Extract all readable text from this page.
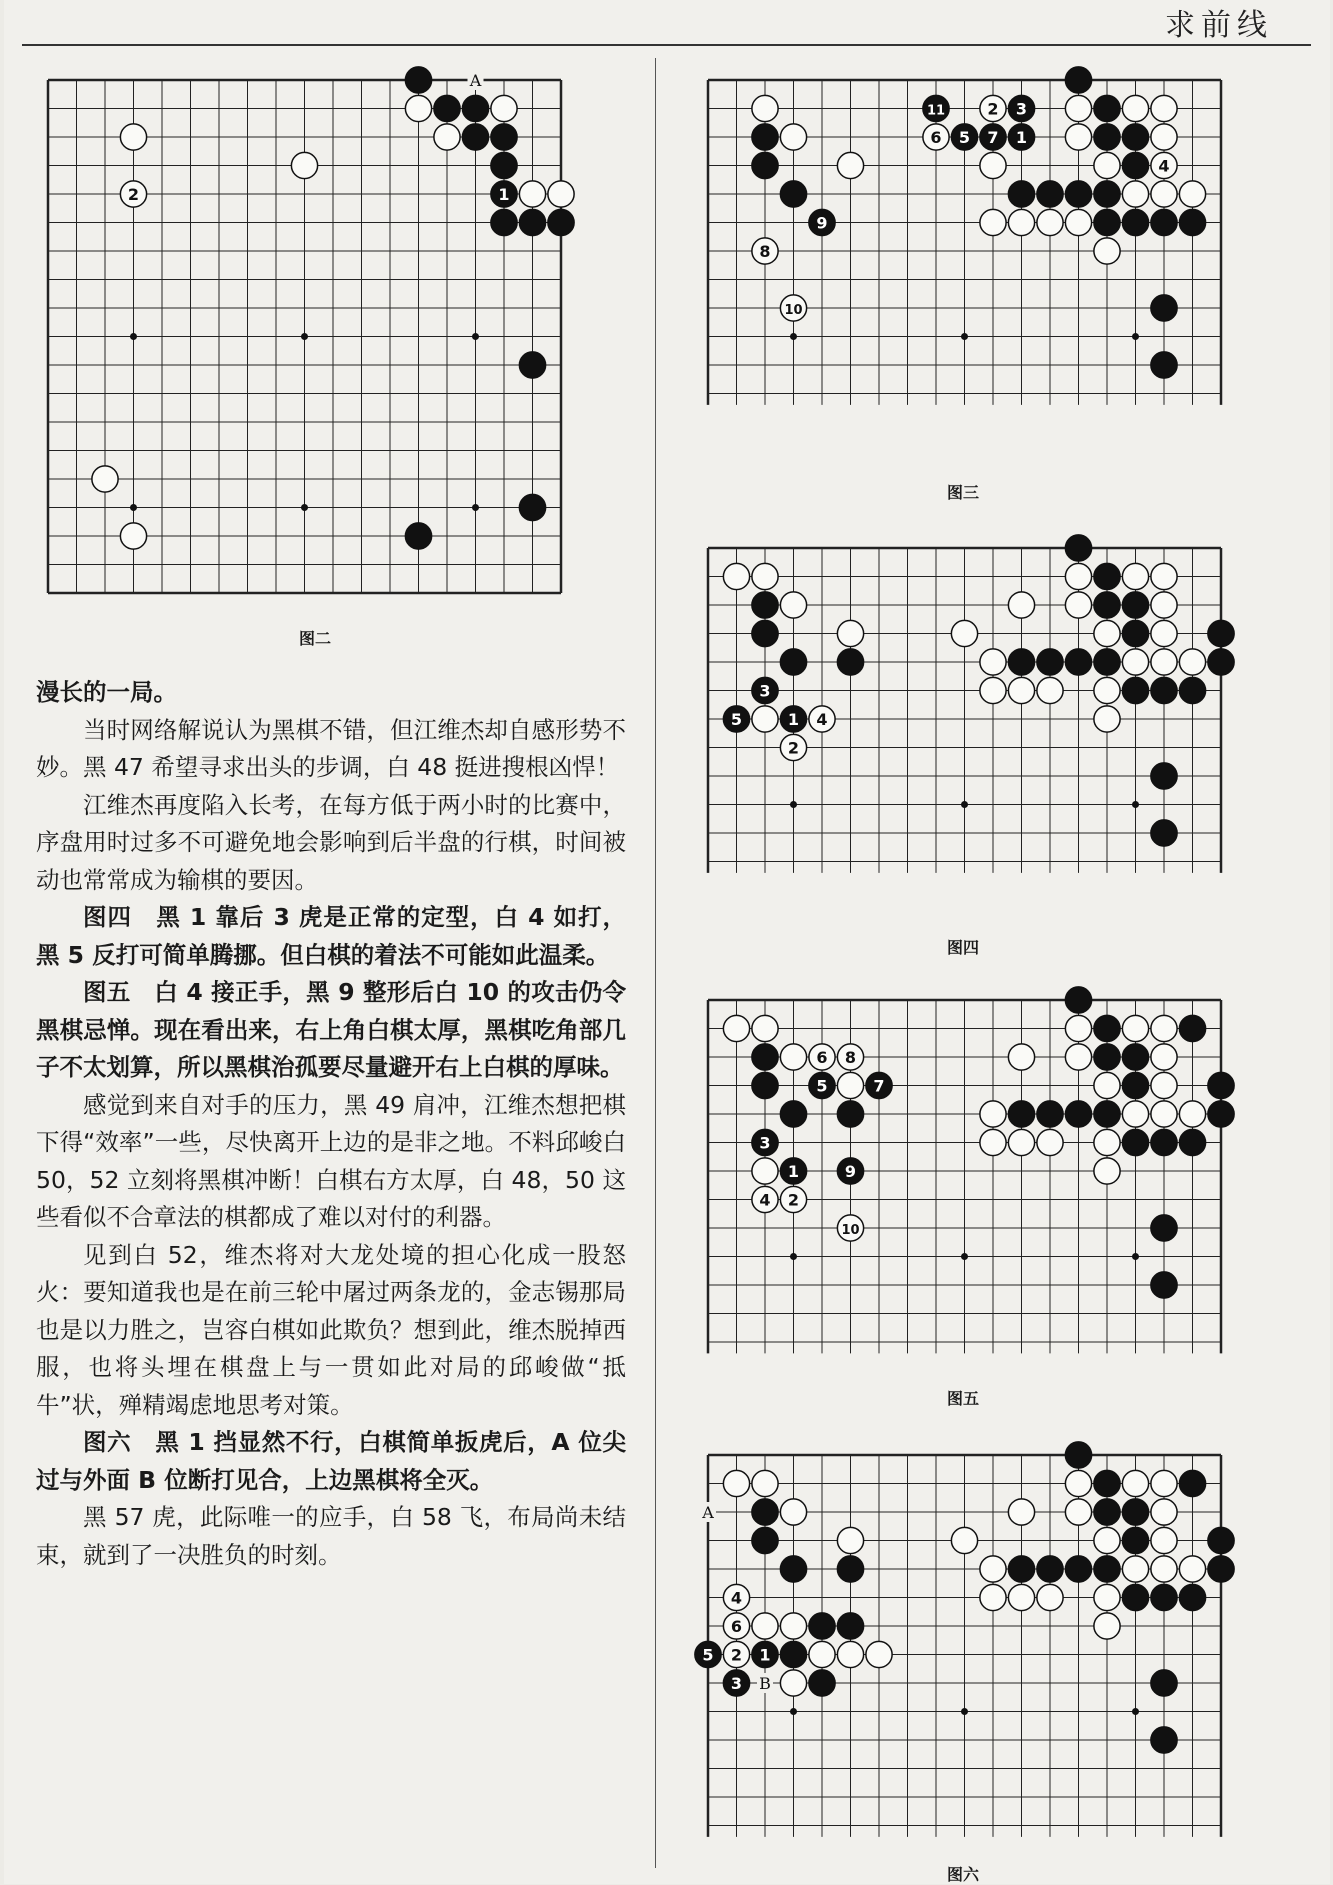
求前线
1
2
A
图二
4
11	2 3
6 5 7 1
9
8
10
图三
3
5	1 4
2
图四
6 8
5	7
3
1	9
4 2
10
图五
4
6
5 2 1
3
A
B
图六

漫长的一局。

当时网络解说认为黑棋不错，但江维杰却自感形势不妙。黑 47 希望寻求出头的步调，白 48 挺进搜根凶悍！

江维杰再度陷入长考，在每方低于两小时的比赛中，序盘用时过多不可避免地会影响到后半盘的行棋，时间被动也常常成为输棋的要因。

图四　黑 1 靠后 3 虎是正常的定型，白 4 如打，黑 5 反打可简单腾挪。但白棋的着法不可能如此温柔。

图五　白 4 接正手，黑 9 整形后白 10 的攻击仍令黑棋忌惮。现在看出来，右上角白棋太厚，黑棋吃角部几子不太划算，所以黑棋治孤要尽量避开右上白棋的厚味。

感觉到来自对手的压力，黑 49 肩冲，江维杰想把棋下得“效率”一些，尽快离开上边的是非之地。不料邱峻白 50，52 立刻将黑棋冲断！白棋右方太厚，白 48，50 这些看似不合章法的棋都成了难以对付的利器。

见到白 52，维杰将对大龙处境的担心化成一股怒火：要知道我也是在前三轮中屠过两条龙的，金志锡那局也是以力胜之，岂容白棋如此欺负？想到此，维杰脱掉西服，也将头埋在棋盘上与一贯如此对局的邱峻做“抵牛”状，殚精竭虑地思考对策。

图六　黑 1 挡显然不行，白棋简单扳虎后，A 位尖过与外面 B 位断打见合，上边黑棋将全灭。

黑 57 虎，此际唯一的应手，白 58 飞，布局尚未结束，就到了一决胜负的时刻。
